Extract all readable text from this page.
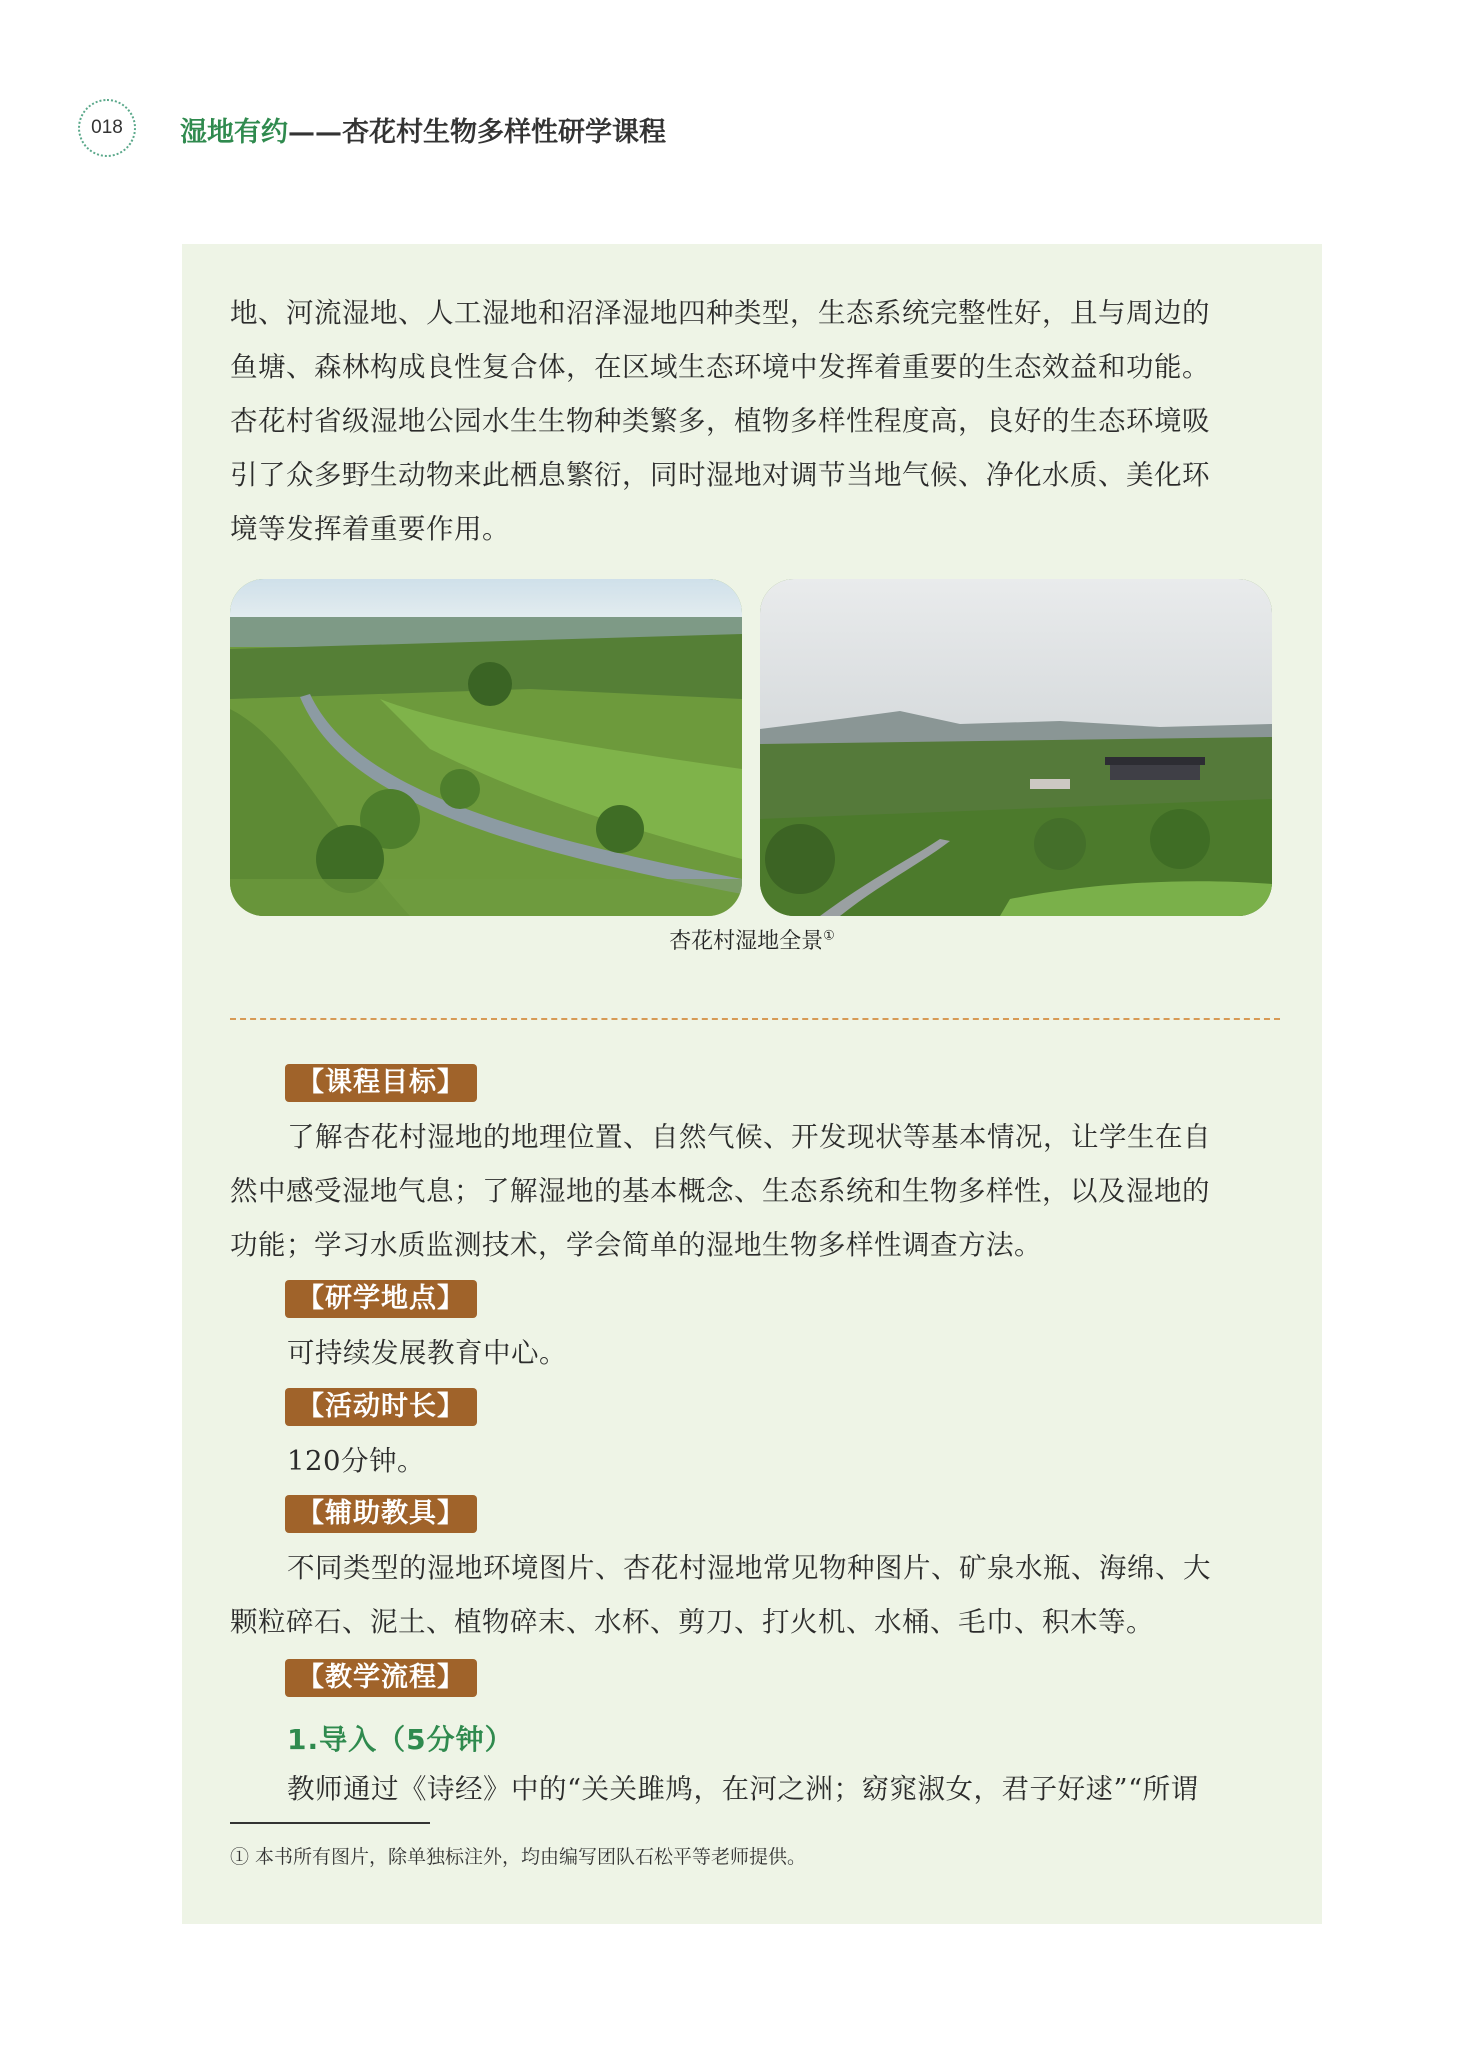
018	湿地有约——杏花村生物多样性研学课程

地、河流湿地、人工湿地和沼泽湿地四种类型，生态系统完整性好，且与周边的

鱼塘、森林构成良性复合体，在区域生态环境中发挥着重要的生态效益和功能。

杏花村省级湿地公园水生生物种类繁多，植物多样性程度高，良好的生态环境吸

引了众多野生动物来此栖息繁衍，同时湿地对调节当地气候、净化水质、美化环

境等发挥着重要作用。

杏花村湿地全景①
【课程目标】

了解杏花村湿地的地理位置、自然气候、开发现状等基本情况，让学生在自

然中感受湿地气息；了解湿地的基本概念、生态系统和生物多样性，以及湿地的

功能；学习水质监测技术，学会简单的湿地生物多样性调查方法。

【研学地点】

可持续发展教育中心。

【活动时长】

120分钟。

【辅助教具】

不同类型的湿地环境图片、杏花村湿地常见物种图片、矿泉水瓶、海绵、大

颗粒碎石、泥土、植物碎末、水杯、剪刀、打火机、水桶、毛巾、积木等。

【教学流程】
1.导入（5分钟）

教师通过《诗经》中的“关关雎鸠，在河之洲；窈窕淑女，君子好逑”“所谓

① 本书所有图片，除单独标注外，均由编写团队石松平等老师提供。
